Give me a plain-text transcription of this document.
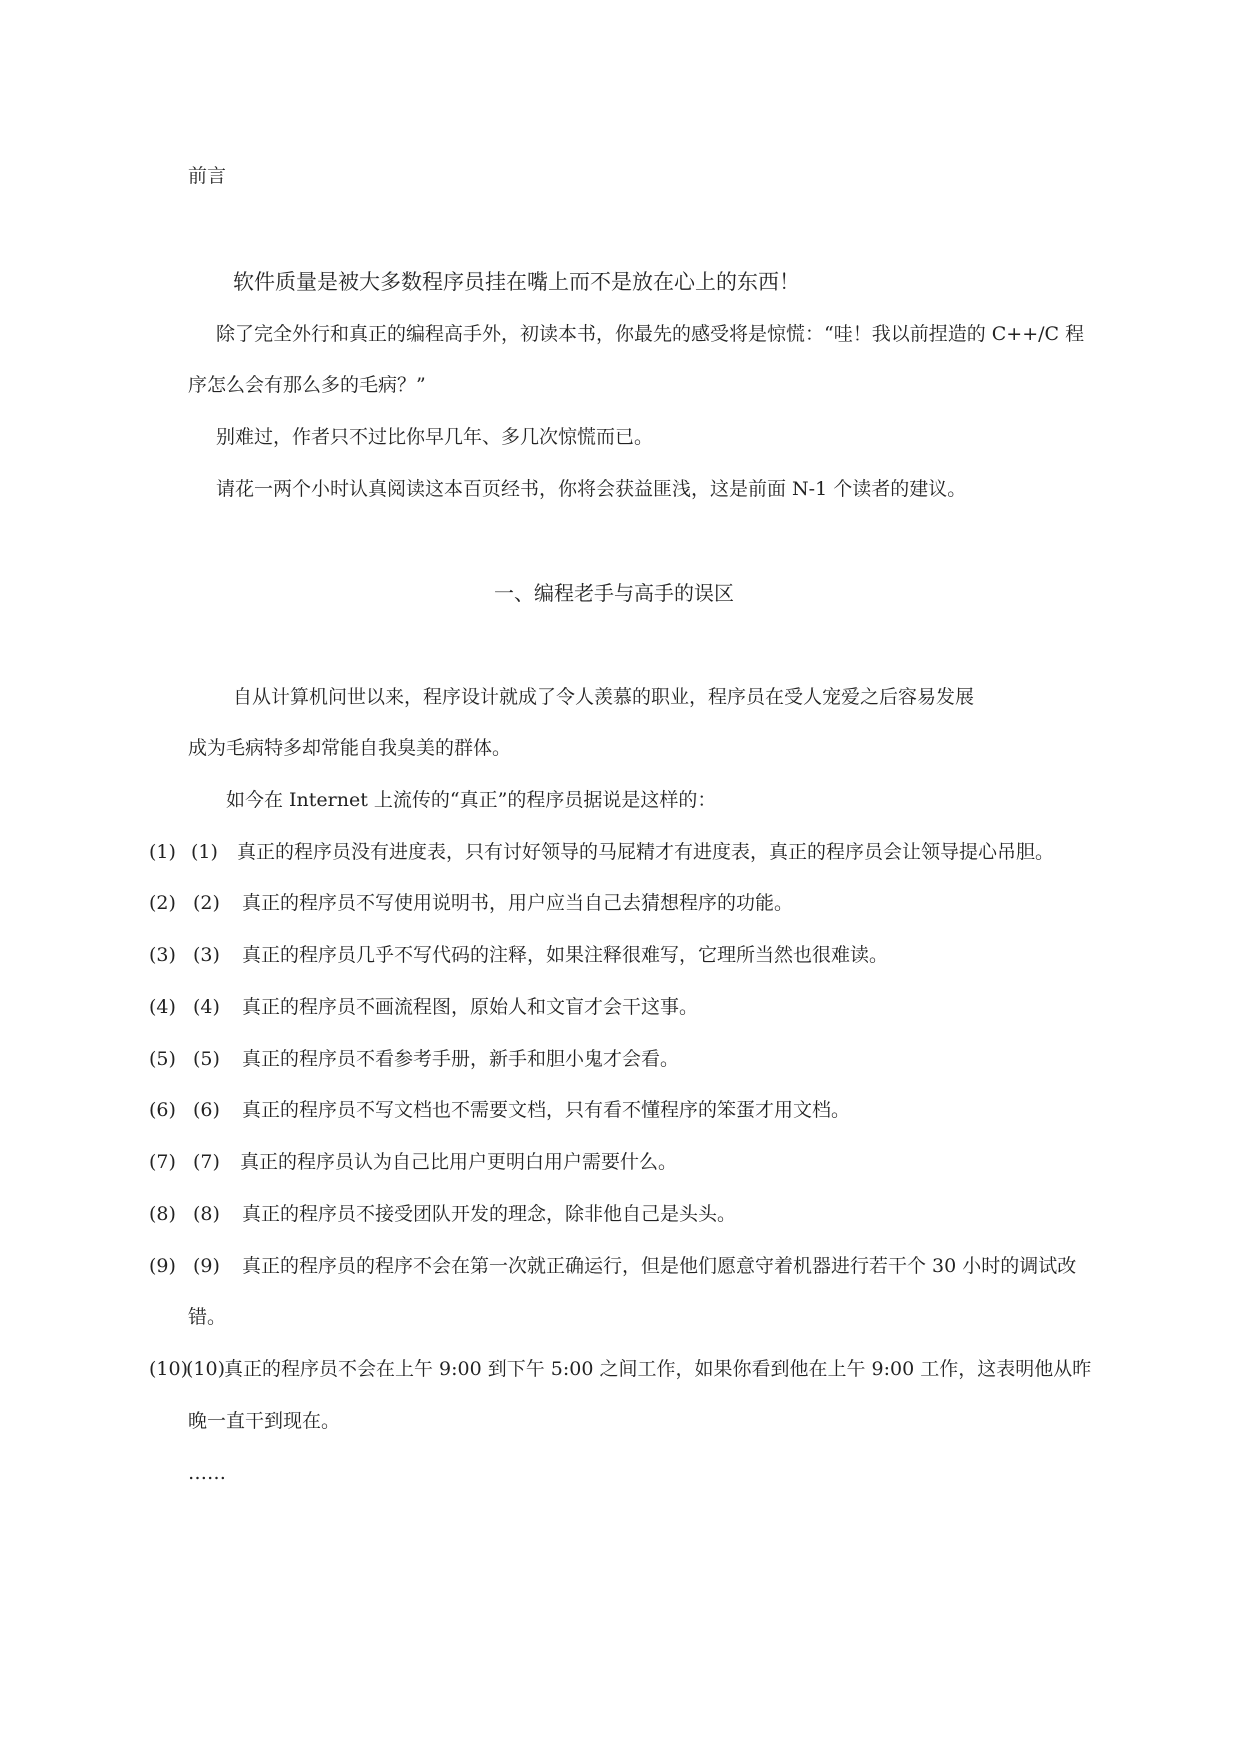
前言
软件质量是被大多数程序员挂在嘴上而不是放在心上的东西！
除了完全外行和真正的编程高手外，初读本书，你最先的感受将是惊慌：“哇！我以前捏造的 C++/C 程
序怎么会有那么多的毛病？”
别难过，作者只不过比你早几年、多几次惊慌而已。
请花一两个小时认真阅读这本百页经书，你将会获益匪浅，这是前面 N-1 个读者的建议。
一、编程老手与高手的误区
自从计算机问世以来，程序设计就成了令人羡慕的职业，程序员在受人宠爱之后容易发展
成为毛病特多却常能自我臭美的群体。
如今在 Internet 上流传的“真正”的程序员据说是这样的：
(1) (1) 真正的程序员没有进度表，只有讨好领导的马屁精才有进度表，真正的程序员会让领导提心吊胆。
(2) (2) 真正的程序员不写使用说明书，用户应当自己去猜想程序的功能。
(3) (3) 真正的程序员几乎不写代码的注释，如果注释很难写，它理所当然也很难读。
(4) (4) 真正的程序员不画流程图，原始人和文盲才会干这事。
(5) (5) 真正的程序员不看参考手册，新手和胆小鬼才会看。
(6) (6) 真正的程序员不写文档也不需要文档，只有看不懂程序的笨蛋才用文档。
(7) (7) 真正的程序员认为自己比用户更明白用户需要什么。
(8) (8) 真正的程序员不接受团队开发的理念，除非他自己是头头。
(9) (9) 真正的程序员的程序不会在第一次就正确运行，但是他们愿意守着机器进行若干个 30 小时的调试改
错。
(10)
(10)
真正的程序员不会在上午 9:00 到下午 5:00 之间工作，如果你看到他在上午 9:00 工作，这表明他从昨
晚一直干到现在。
……
